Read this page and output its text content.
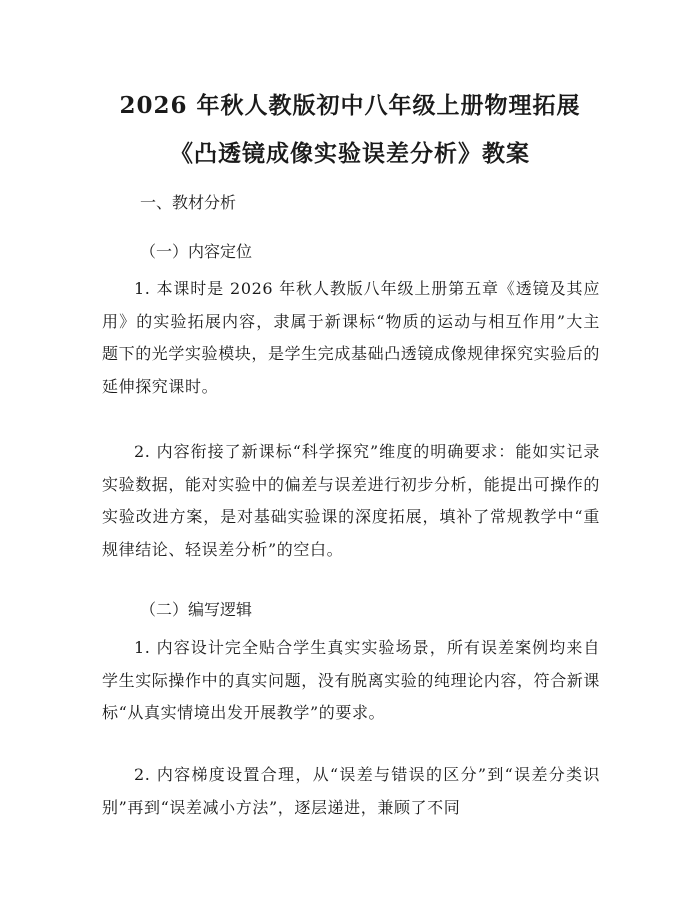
2026 年秋人教版初中八年级上册物理拓展
《凸透镜成像实验误差分析》教案
一、教材分析
（一）内容定位

1. 本课时是 2026 年秋人教版八年级上册第五章《透镜及其应用》的实验拓展内容，隶属于新课标“物质的运动与相互作用”大主题下的光学实验模块，是学生完成基础凸透镜成像规律探究实验后的延伸探究课时。

2. 内容衔接了新课标“科学探究”维度的明确要求：能如实记录实验数据，能对实验中的偏差与误差进行初步分析，能提出可操作的实验改进方案，是对基础实验课的深度拓展，填补了常规教学中“重规律结论、轻误差分析”的空白。

（二）编写逻辑

1. 内容设计完全贴合学生真实实验场景，所有误差案例均来自学生实际操作中的真实问题，没有脱离实验的纯理论内容，符合新课标“从真实情境出发开展教学”的要求。

2. 内容梯度设置合理，从“误差与错误的区分”到“误差分类识别”再到“误差减小方法”，逐层递进，兼顾了不同
